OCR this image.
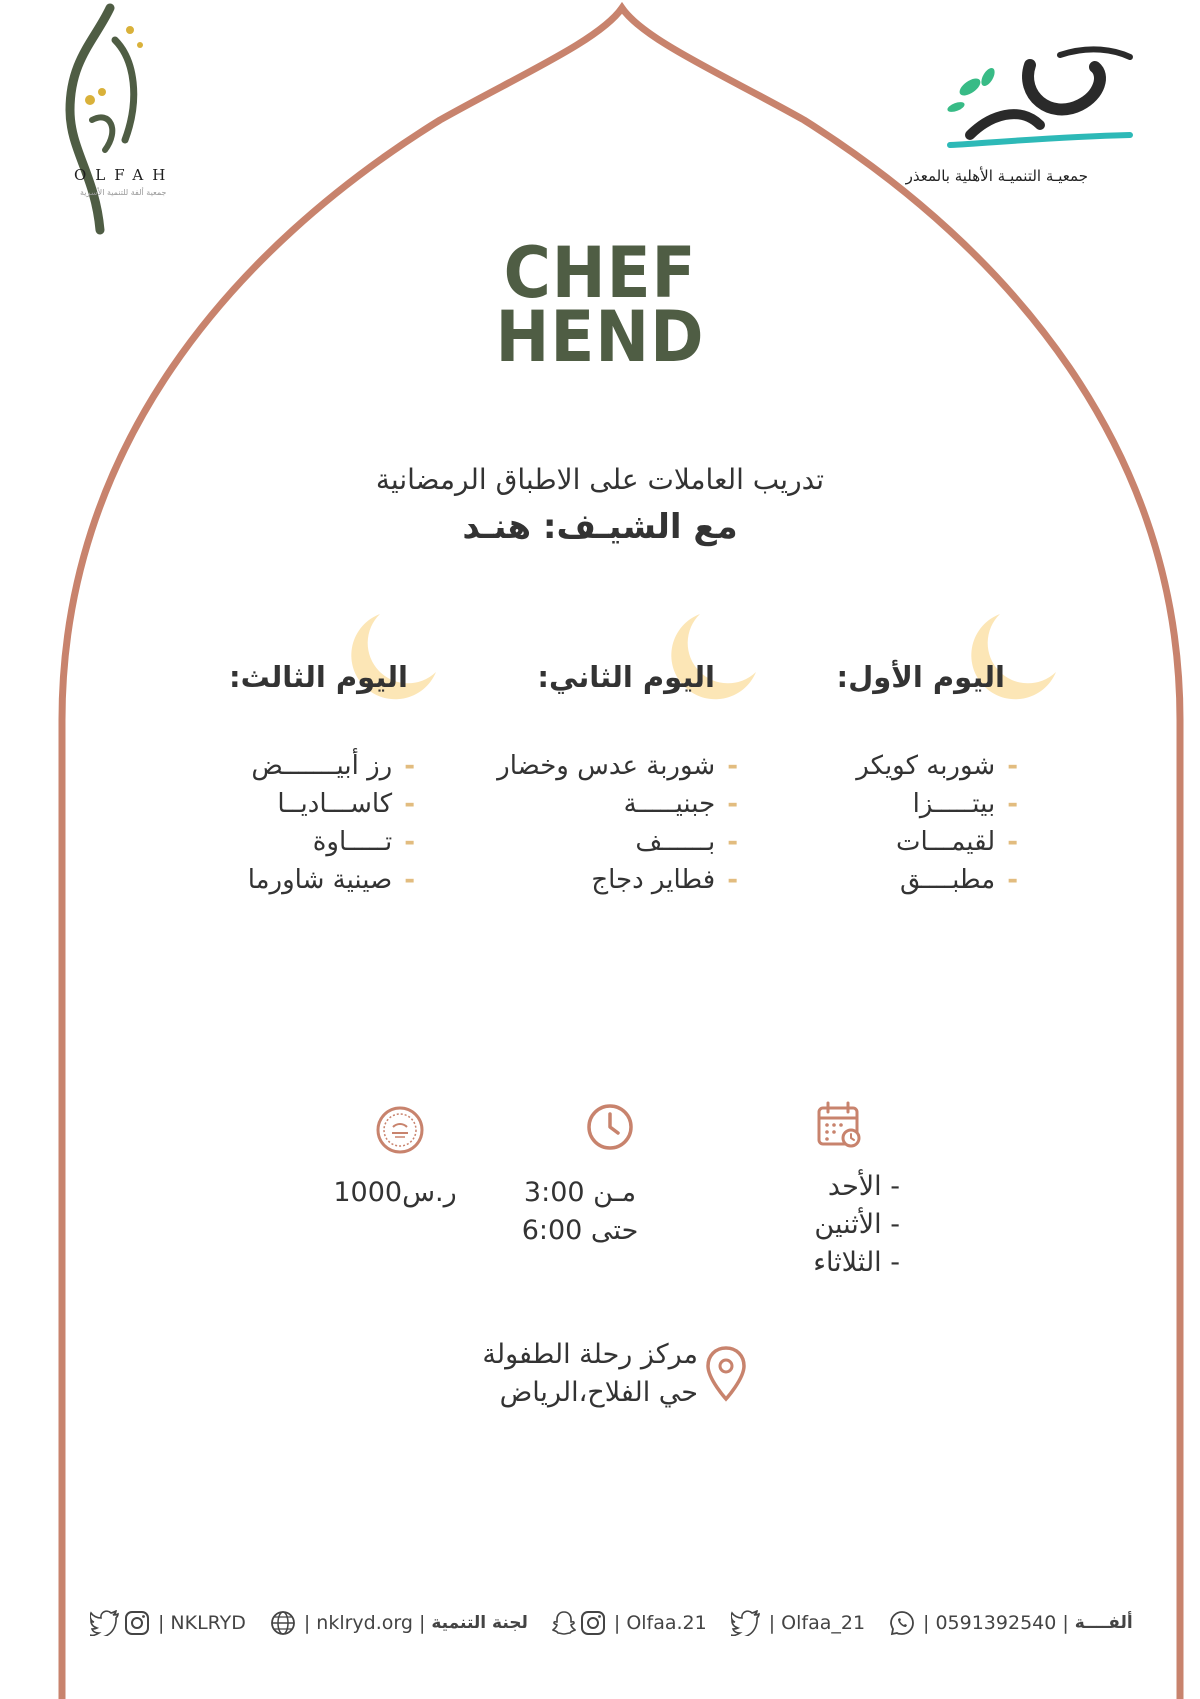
OLFAH
جمعية ألفة للتنمية الأسرية
جمعيـة التنميـة الأهلية بالمعذر
CHEF
HEND
تدريب العاملات على الاطباق الرمضانية
مع الشيـف: هنـد
اليوم الأول:
اليوم الثاني:
اليوم الثالث:
-شوربه كويكر
-بيتـــــزا
-لقيمـــات
-مطبــــق
-شوربة عدس وخضار
-جبنيـــــة
-بــــــف
-فطاير دجاج
-رز أبيـــــــض
-كاســـاديــا
-تـــــاوة
-صينية شاورما
- الأحد
- الأثنين
- الثلاثاء
مـن 3:00
حتى 6:00
1000ر.س
مركز رحلة الطفولة
حي الفلاح،الرياض
| NKLRYD	| nklryd.org | لجنة التنمية	| Olfaa.21	| Olfaa_21	| 0591392540 | ألفــــة
